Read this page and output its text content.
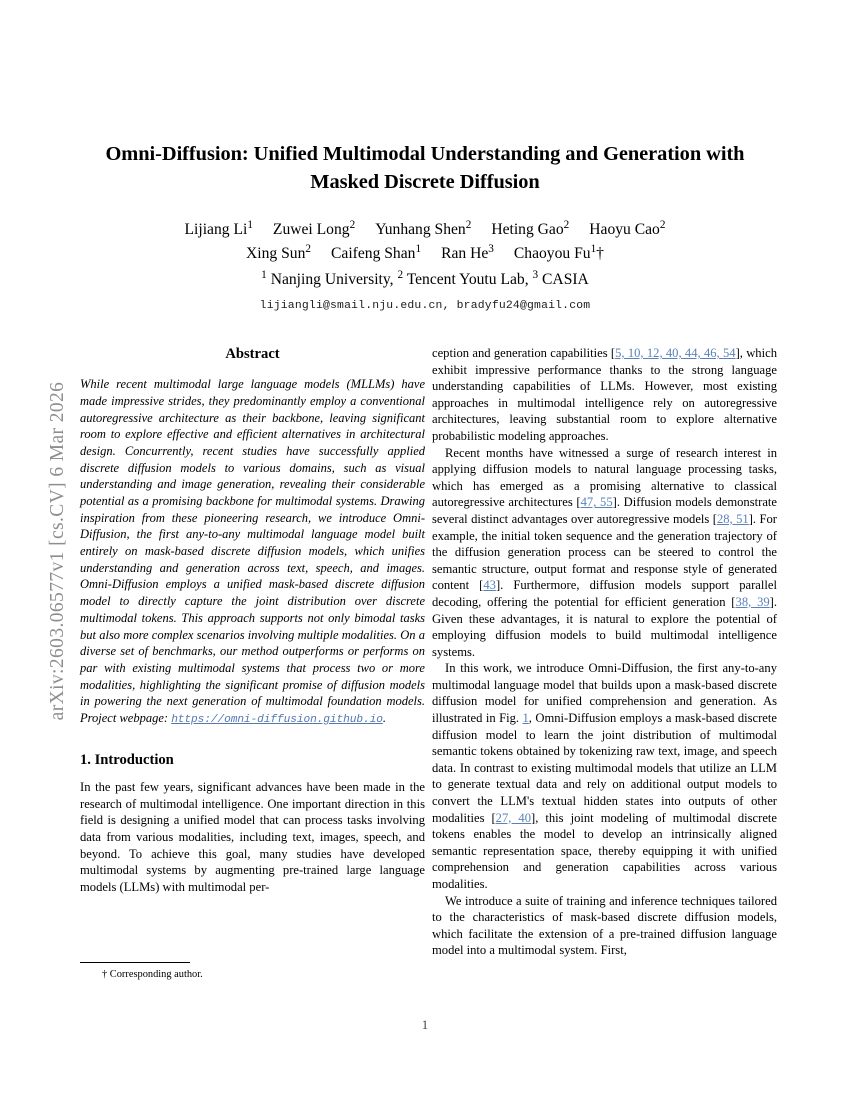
arXiv:2603.06577v1 [cs.CV] 6 Mar 2026
Omni-Diffusion: Unified Multimodal Understanding and Generation with Masked Discrete Diffusion
Lijiang Li$^1$ Zuwei Long$^2$ Yunhang Shen$^2$ Heting Gao$^2$ Haoyu Cao$^2$
Xing Sun$^2$ Caifeng Shan$^1$ Ran He$^3$ Chaoyou Fu$^1$†
$^1$ Nanjing University, $^2$ Tencent Youtu Lab, $^3$ CASIA
lijiangli@smail.nju.edu.cn, bradyfu24@gmail.com
Abstract

While recent multimodal large language models (MLLMs) have made impressive strides, they predominantly employ a conventional autoregressive architecture as their backbone, leaving significant room to explore effective and efficient alternatives in architectural design. Concurrently, recent studies have successfully applied discrete diffusion models to various domains, such as visual understanding and image generation, revealing their considerable potential as a promising backbone for multimodal systems. Drawing inspiration from these pioneering research, we introduce Omni-Diffusion, the first any-to-any multimodal language model built entirely on mask-based discrete diffusion models, which unifies understanding and generation across text, speech, and images. Omni-Diffusion employs a unified mask-based discrete diffusion model to directly capture the joint distribution over discrete multimodal tokens. This approach supports not only bimodal tasks but also more complex scenarios involving multiple modalities. On a diverse set of benchmarks, our method outperforms or performs on par with existing multimodal systems that process two or more modalities, highlighting the significant promise of diffusion models in powering the next generation of multimodal foundation models. Project webpage: https://omni-diffusion.github.io.

1. Introduction

In the past few years, significant advances have been made in the research of multimodal intelligence. One important direction in this field is designing a unified model that can process tasks involving data from various modalities, including text, images, speech, and beyond. To achieve this goal, many studies have developed multimodal systems by augmenting pre-trained large language models (LLMs) with multimodal per-

ception and generation capabilities [5, 10, 12, 40, 44, 46, 54], which exhibit impressive performance thanks to the strong language understanding capabilities of LLMs. However, most existing approaches in multimodal intelligence rely on autoregressive architectures, leaving substantial room to explore alternative probabilistic modeling approaches.

Recent months have witnessed a surge of research interest in applying diffusion models to natural language processing tasks, which has emerged as a promising alternative to classical autoregressive architectures [47, 55]. Diffusion models demonstrate several distinct advantages over autoregressive models [28, 51]. For example, the initial token sequence and the generation trajectory of the diffusion generation process can be steered to control the semantic structure, output format and response style of generated content [43]. Furthermore, diffusion models support parallel decoding, offering the potential for efficient generation [38, 39]. Given these advantages, it is natural to explore the potential of employing diffusion models to build multimodal intelligence systems.

In this work, we introduce Omni-Diffusion, the first any-to-any multimodal language model that builds upon a mask-based discrete diffusion model for unified comprehension and generation. As illustrated in Fig. 1, Omni-Diffusion employs a mask-based discrete diffusion model to learn the joint distribution of multimodal semantic tokens obtained by tokenizing raw text, image, and speech data. In contrast to existing multimodal models that utilize an LLM to generate textual data and rely on additional output models to convert the LLM's textual hidden states into outputs of other modalities [27, 40], this joint modeling of multimodal discrete tokens enables the model to develop an intrinsically aligned semantic representation space, thereby equipping it with unified comprehension and generation capabilities across various modalities.

We introduce a suite of training and inference techniques tailored to the characteristics of mask-based discrete diffusion models, which facilitate the extension of a pre-trained diffusion language model into a multimodal system. First,

† Corresponding author.
1
